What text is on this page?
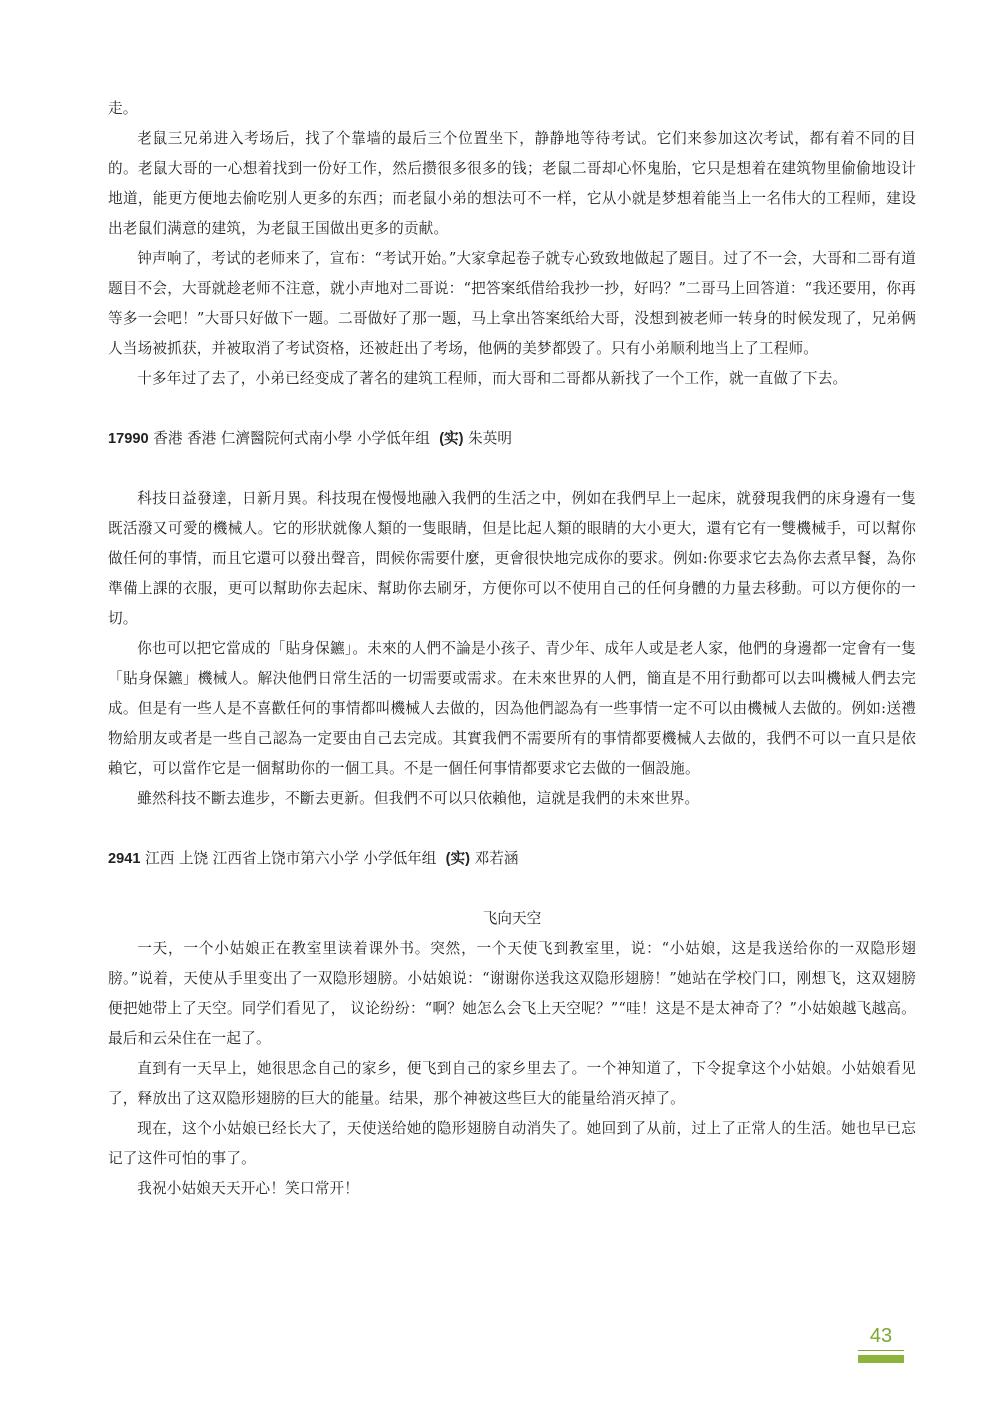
走。

老鼠三兄弟进入考场后，找了个靠墙的最后三个位置坐下，静静地等待考试。它们来参加这次考试，都有着不同的目的。老鼠大哥的一心想着找到一份好工作，然后攒很多很多的钱；老鼠二哥却心怀鬼胎，它只是想着在建筑物里偷偷地设计地道，能更方便地去偷吃别人更多的东西；而老鼠小弟的想法可不一样，它从小就是梦想着能当上一名伟大的工程师，建设出老鼠们满意的建筑，为老鼠王国做出更多的贡献。

钟声响了，考试的老师来了，宣布：“考试开始。”大家拿起卷子就专心致致地做起了题目。过了不一会，大哥和二哥有道题目不会，大哥就趁老师不注意，就小声地对二哥说：“把答案纸借给我抄一抄，好吗？”二哥马上回答道：“我还要用，你再等多一会吧！”大哥只好做下一题。二哥做好了那一题，马上拿出答案纸给大哥，没想到被老师一转身的时候发现了，兄弟俩人当场被抓获，并被取消了考试资格，还被赶出了考场，他俩的美梦都毁了。只有小弟顺利地当上了工程师。

十多年过了去了，小弟已经变成了著名的建筑工程师，而大哥和二哥都从新找了一个工作，就一直做了下去。

17990 香港 香港 仁濟醫院何式南小學 小学低年组 (实) 朱英明

科技日益發達，日新月異。科技現在慢慢地融入我們的生活之中，例如在我們早上一起床，就發現我們的床身邊有一隻既活潑又可愛的機械人。它的形狀就像人類的一隻眼睛，但是比起人類的眼睛的大小更大，還有它有一雙機械手，可以幫你做任何的事情，而且它還可以發出聲音，問候你需要什麼，更會很快地完成你的要求。例如:你要求它去為你去煮早餐，為你準備上課的衣服，更可以幫助你去起床、幫助你去刷牙，方便你可以不使用自己的任何身體的力量去移動。可以方便你的一切。

你也可以把它當成的「貼身保鑣」。未來的人們不論是小孩子、青少年、成年人或是老人家，他們的身邊都一定會有一隻「貼身保鑣」機械人。解決他們日常生活的一切需要或需求。在未來世界的人們，簡直是不用行動都可以去叫機械人們去完成。但是有一些人是不喜歡任何的事情都叫機械人去做的，因為他們認為有一些事情一定不可以由機械人去做的。例如:送禮物給朋友或者是一些自己認為一定要由自己去完成。其實我們不需要所有的事情都要機械人去做的，我們不可以一直只是依賴它，可以當作它是一個幫助你的一個工具。不是一個任何事情都要求它去做的一個設施。

雖然科技不斷去進步，不斷去更新。但我們不可以只依賴他，這就是我們的未來世界。

2941 江西 上饶 江西省上饶市第六小学 小学低年组 (实) 邓若涵

飞向天空

一天，一个小姑娘正在教室里读着课外书。突然，一个天使飞到教室里，说：“小姑娘，这是我送给你的一双隐形翅膀。”说着，天使从手里变出了一双隐形翅膀。小姑娘说：“谢谢你送我这双隐形翅膀！”她站在学校门口，刚想飞，这双翅膀便把她带上了天空。同学们看见了， 议论纷纷：“啊？她怎么会飞上天空呢？”“哇！这是不是太神奇了？”小姑娘越飞越高。最后和云朵住在一起了。

直到有一天早上，她很思念自己的家乡，便飞到自己的家乡里去了。一个神知道了，下令捉拿这个小姑娘。小姑娘看见了，释放出了这双隐形翅膀的巨大的能量。结果，那个神被这些巨大的能量给消灭掉了。

现在，这个小姑娘已经长大了，天使送给她的隐形翅膀自动消失了。她回到了从前，过上了正常人的生活。她也早已忘记了这件可怕的事了。

我祝小姑娘天天开心！笑口常开！

43
